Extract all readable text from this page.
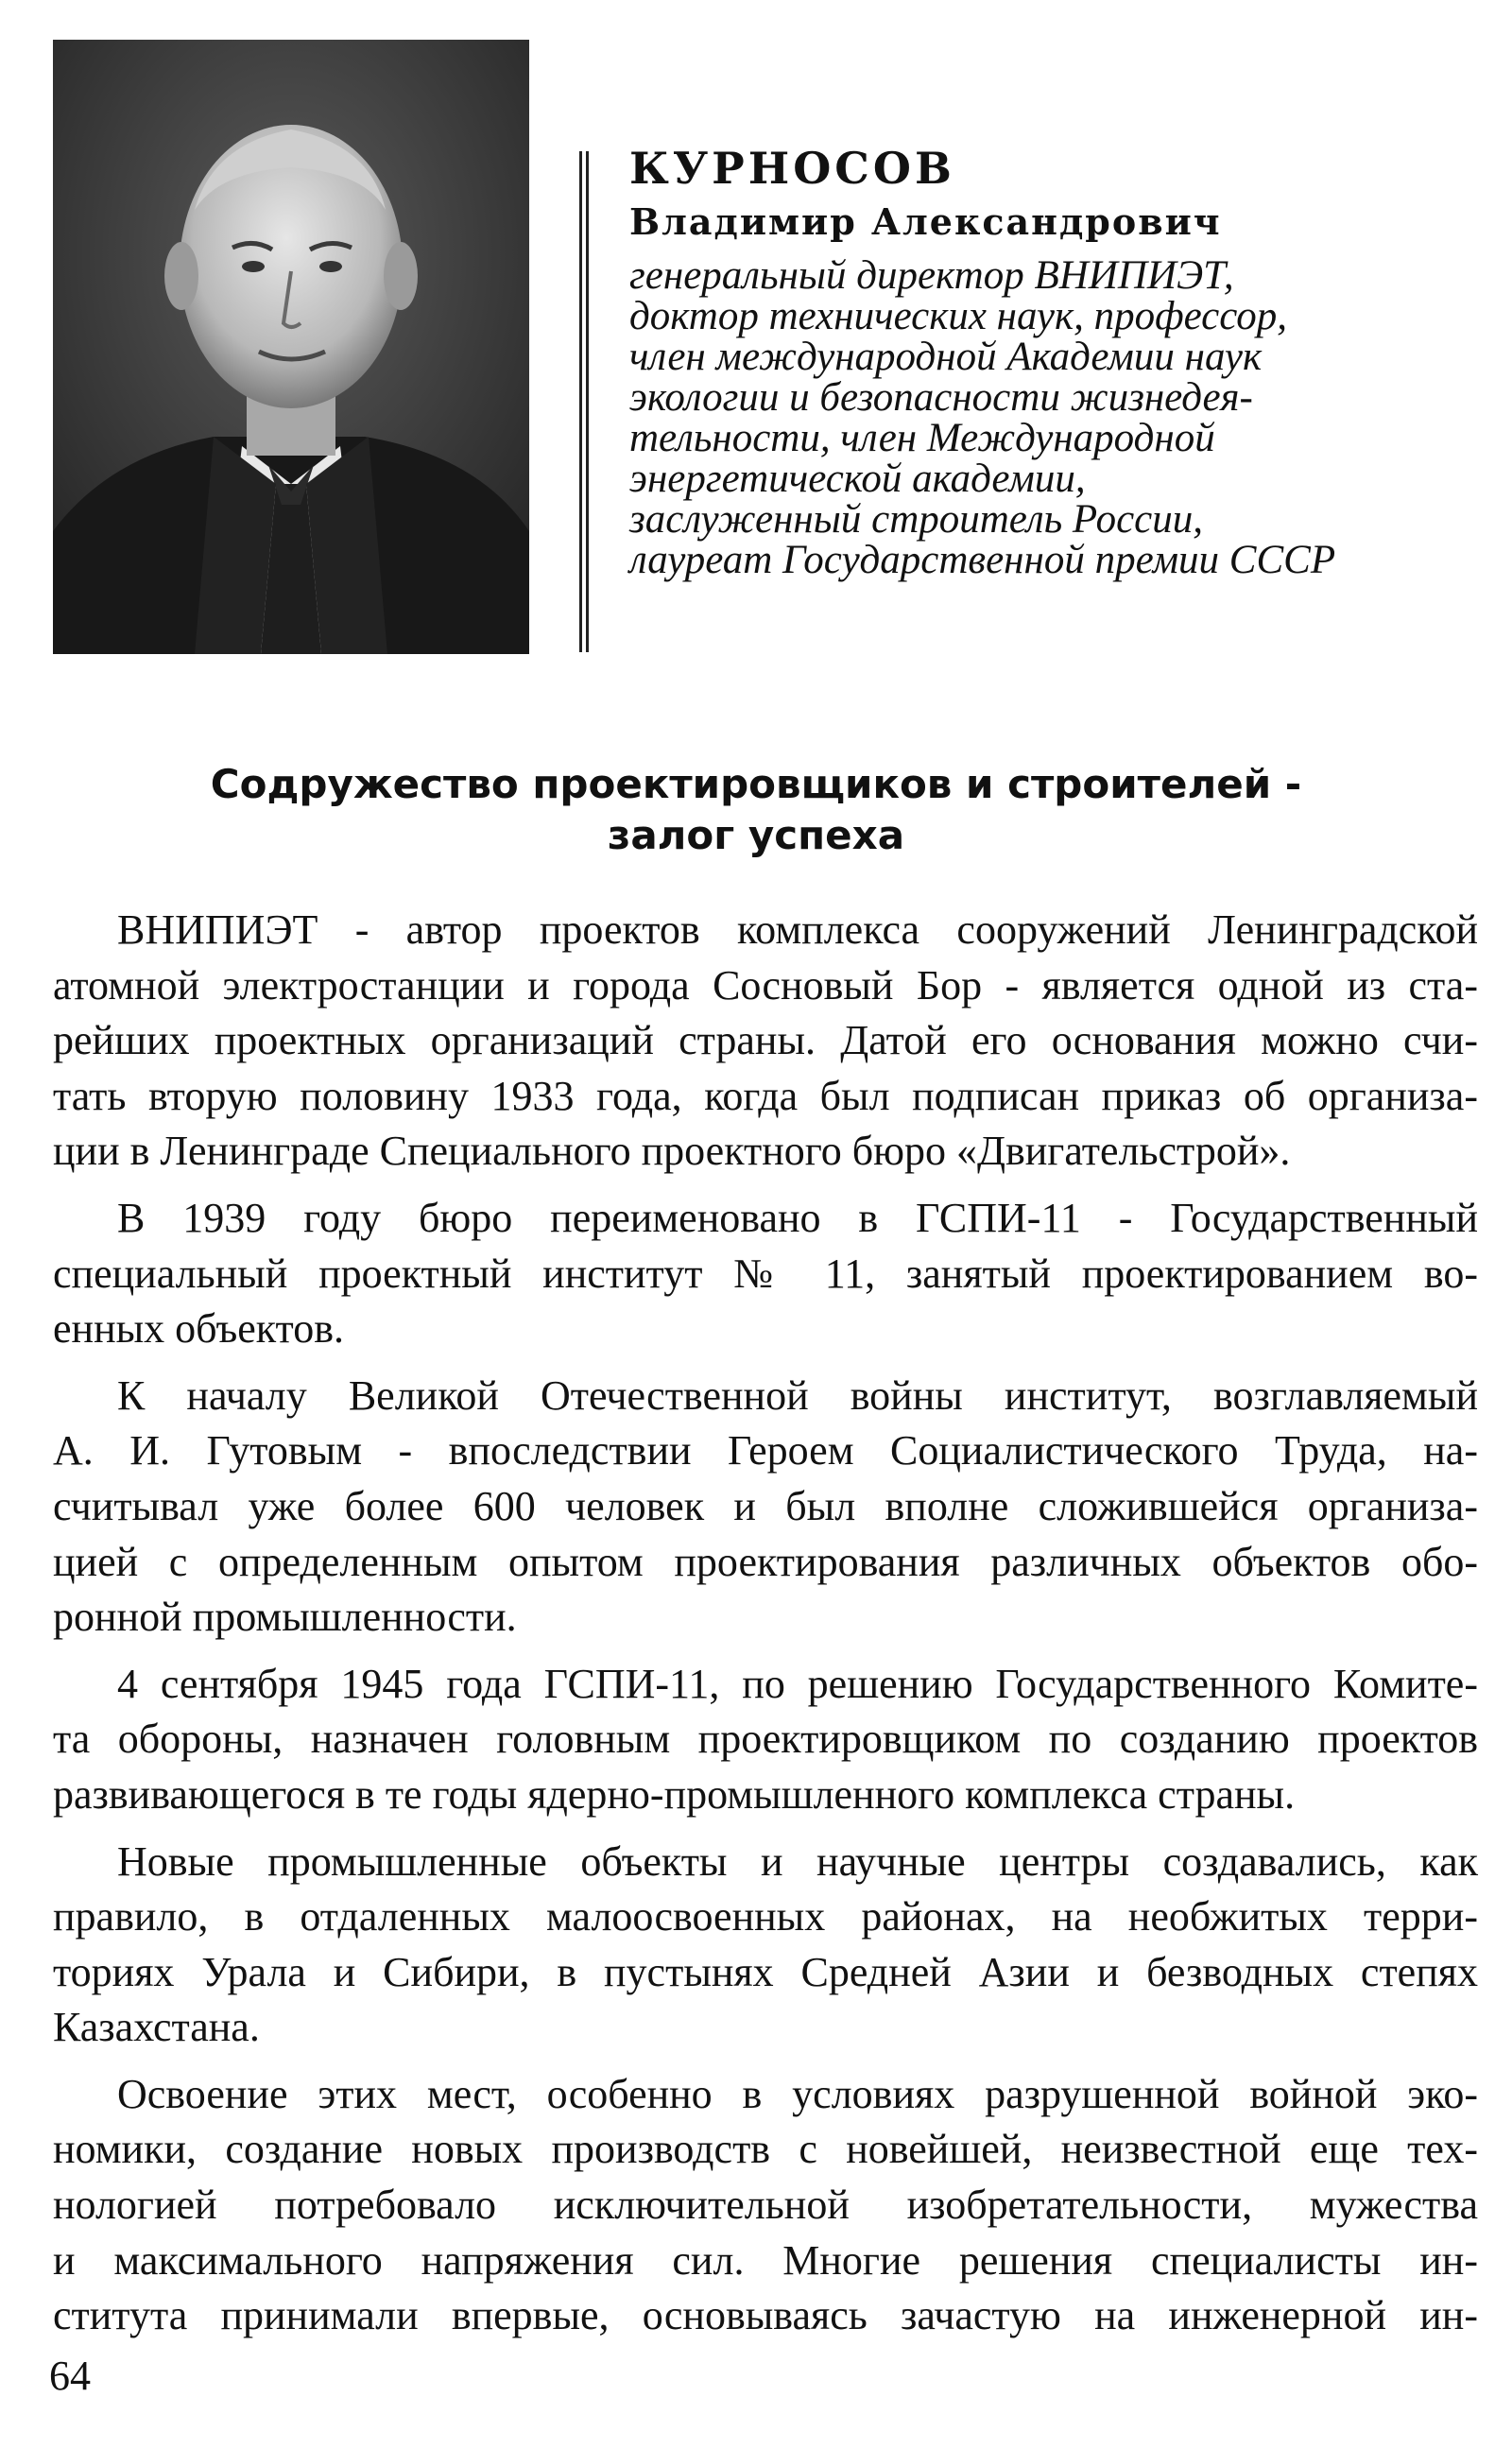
КУРНОСОВ
Владимир Александрович
генеральный директор ВНИПИЭТ,
доктор технических наук, профессор,
член международной Академии наук
экологии и безопасности жизнедея-
тельности, член Международной
энергетической академии,
заслуженный строитель России,
лауреат Государственной премии СССР
Содружество проектировщиков и строителей -
залог успеха
ВНИПИЭТ - автор проектов комплекса сооружений Ленинградской
атомной электростанции и города Сосновый Бор - является одной из ста-
рейших проектных организаций страны. Датой его основания можно счи-
тать вторую половину 1933 года, когда был подписан приказ об организа-
ции в Ленинграде Специального проектного бюро «Двигательстрой».
В 1939 году бюро переименовано в ГСПИ-11 - Государственный
специальный проектный институт № 11, занятый проектированием во-
енных объектов.
К началу Великой Отечественной войны институт, возглавляемый
А. И. Гутовым - впоследствии Героем Социалистического Труда, на-
считывал уже более 600 человек и был вполне сложившейся организа-
цией с определенным опытом проектирования различных объектов обо-
ронной промышленности.
4 сентября 1945 года ГСПИ-11, по решению Государственного Комите-
та обороны, назначен головным проектировщиком по созданию проектов
развивающегося в те годы ядерно-промышленного комплекса страны.
Новые промышленные объекты и научные центры создавались, как
правило, в отдаленных малоосвоенных районах, на необжитых терри-
ториях Урала и Сибири, в пустынях Средней Азии и безводных степях
Казахстана.
Освоение этих мест, особенно в условиях разрушенной войной эко-
номики, создание новых производств с новейшей, неизвестной еще тех-
нологией потребовало исключительной изобретательности, мужества
и максимального напряжения сил. Многие решения специалисты ин-
ститута принимали впервые, основываясь зачастую на инженерной ин-
64
